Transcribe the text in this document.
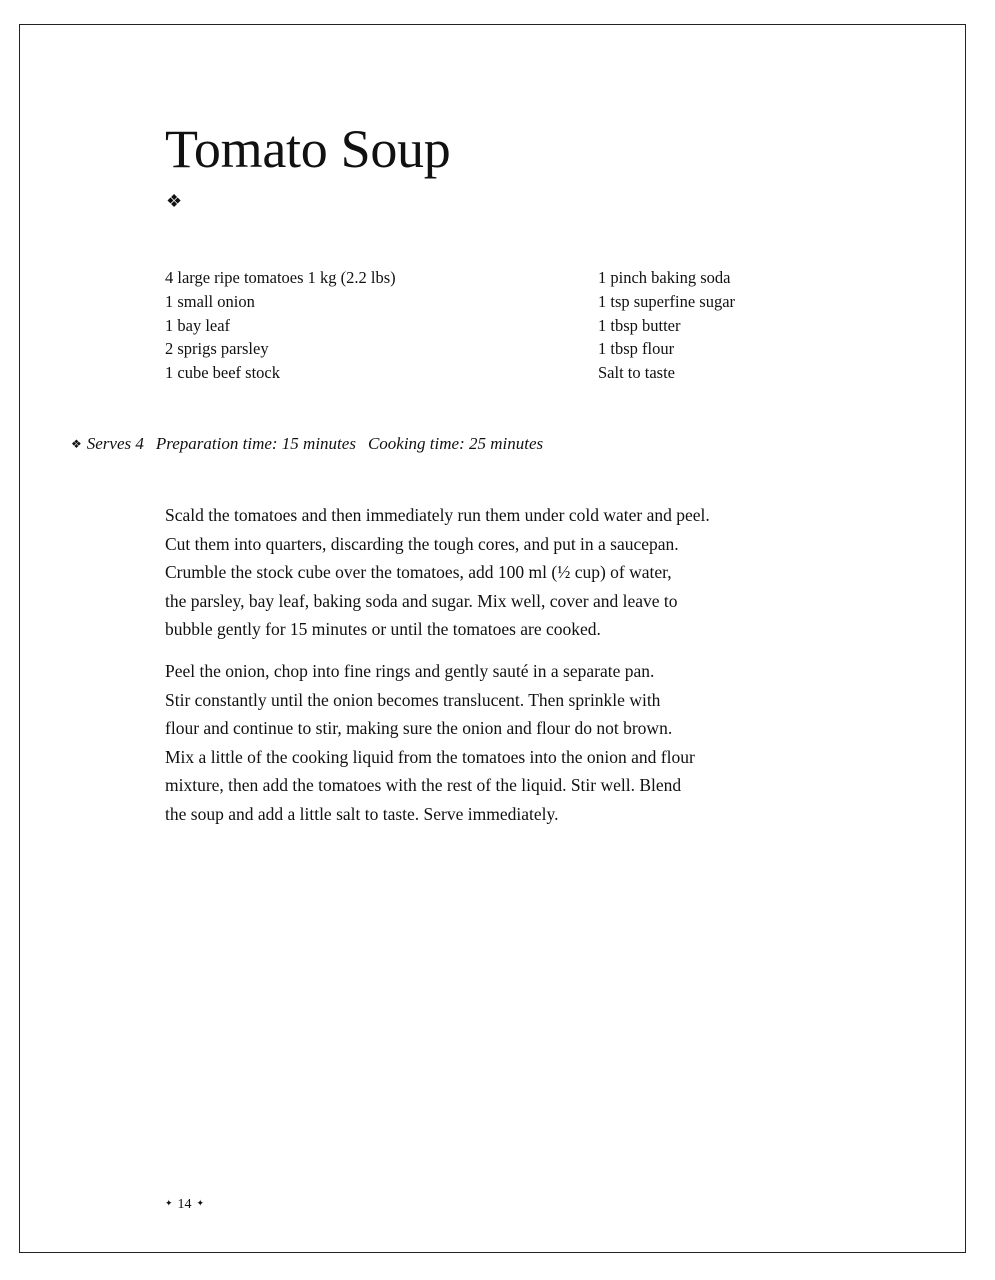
Tomato Soup
❖
4 large ripe tomatoes 1 kg (2.2 lbs)
1 small onion
1 bay leaf
2 sprigs parsley
1 cube beef stock
1 pinch baking soda
1 tsp superfine sugar
1 tbsp butter
1 tbsp flour
Salt to taste
❖ Serves 4 Preparation time: 15 minutes Cooking time: 25 minutes
Scald the tomatoes and then immediately run them under cold water and peel.
Cut them into quarters, discarding the tough cores, and put in a saucepan.
Crumble the stock cube over the tomatoes, add 100 ml (½ cup) of water,
the parsley, bay leaf, baking soda and sugar. Mix well, cover and leave to
bubble gently for 15 minutes or until the tomatoes are cooked.
Peel the onion, chop into fine rings and gently sauté in a separate pan.
Stir constantly until the onion becomes translucent. Then sprinkle with
flour and continue to stir, making sure the onion and flour do not brown.
Mix a little of the cooking liquid from the tomatoes into the onion and flour
mixture, then add the tomatoes with the rest of the liquid. Stir well. Blend
the soup and add a little salt to taste. Serve immediately.
✦ 14 ✦
